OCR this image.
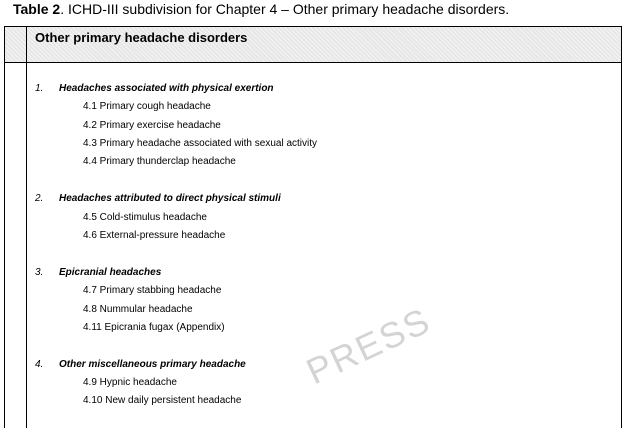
Table 2. ICHD-III subdivision for Chapter 4 – Other primary headache disorders.
Other primary headache disorders
1. Headaches associated with physical exertion
4.1 Primary cough headache
4.2 Primary exercise headache
4.3 Primary headache associated with sexual activity
4.4 Primary thunderclap headache
2. Headaches attributed to direct physical stimuli
4.5 Cold-stimulus headache
4.6 External-pressure headache
3. Epicranial headaches
4.7 Primary stabbing headache
4.8 Nummular headache
4.11 Epicrania fugax (Appendix)
4. Other miscellaneous primary headache
4.9 Hypnic headache
4.10 New daily persistent headache
PRESS
